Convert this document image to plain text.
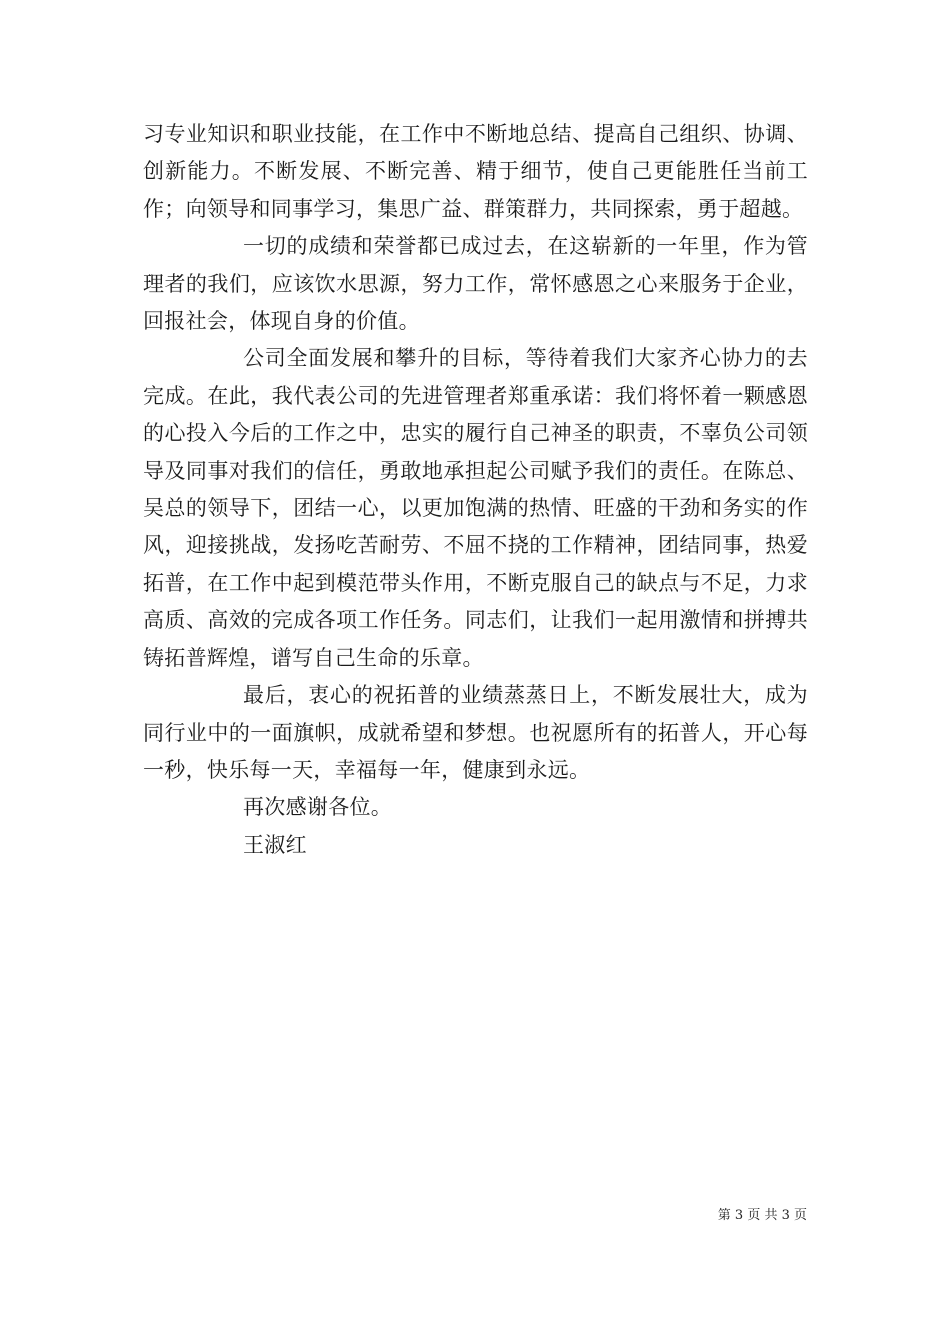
习专业知识和职业技能，在工作中不断地总结、提高自己组织、协调、创新能力。不断发展、不断完善、精于细节，使自己更能胜任当前工作；向领导和同事学习，集思广益、群策群力，共同探索，勇于超越。

一切的成绩和荣誉都已成过去，在这崭新的一年里，作为管理者的我们，应该饮水思源，努力工作，常怀感恩之心来服务于企业，回报社会，体现自身的价值。

公司全面发展和攀升的目标，等待着我们大家齐心协力的去完成。在此，我代表公司的先进管理者郑重承诺：我们将怀着一颗感恩的心投入今后的工作之中，忠实的履行自己神圣的职责，不辜负公司领导及同事对我们的信任，勇敢地承担起公司赋予我们的责任。在陈总、吴总的领导下，团结一心，以更加饱满的热情、旺盛的干劲和务实的作风，迎接挑战，发扬吃苦耐劳、不屈不挠的工作精神，团结同事，热爱拓普，在工作中起到模范带头作用，不断克服自己的缺点与不足，力求高质、高效的完成各项工作任务。同志们，让我们一起用激情和拼搏共铸拓普辉煌，谱写自己生命的乐章。

最后，衷心的祝拓普的业绩蒸蒸日上，不断发展壮大，成为同行业中的一面旗帜，成就希望和梦想。也祝愿所有的拓普人，开心每一秒，快乐每一天，幸福每一年，健康到永远。

再次感谢各位。

王淑红

第 3 页 共 3 页
